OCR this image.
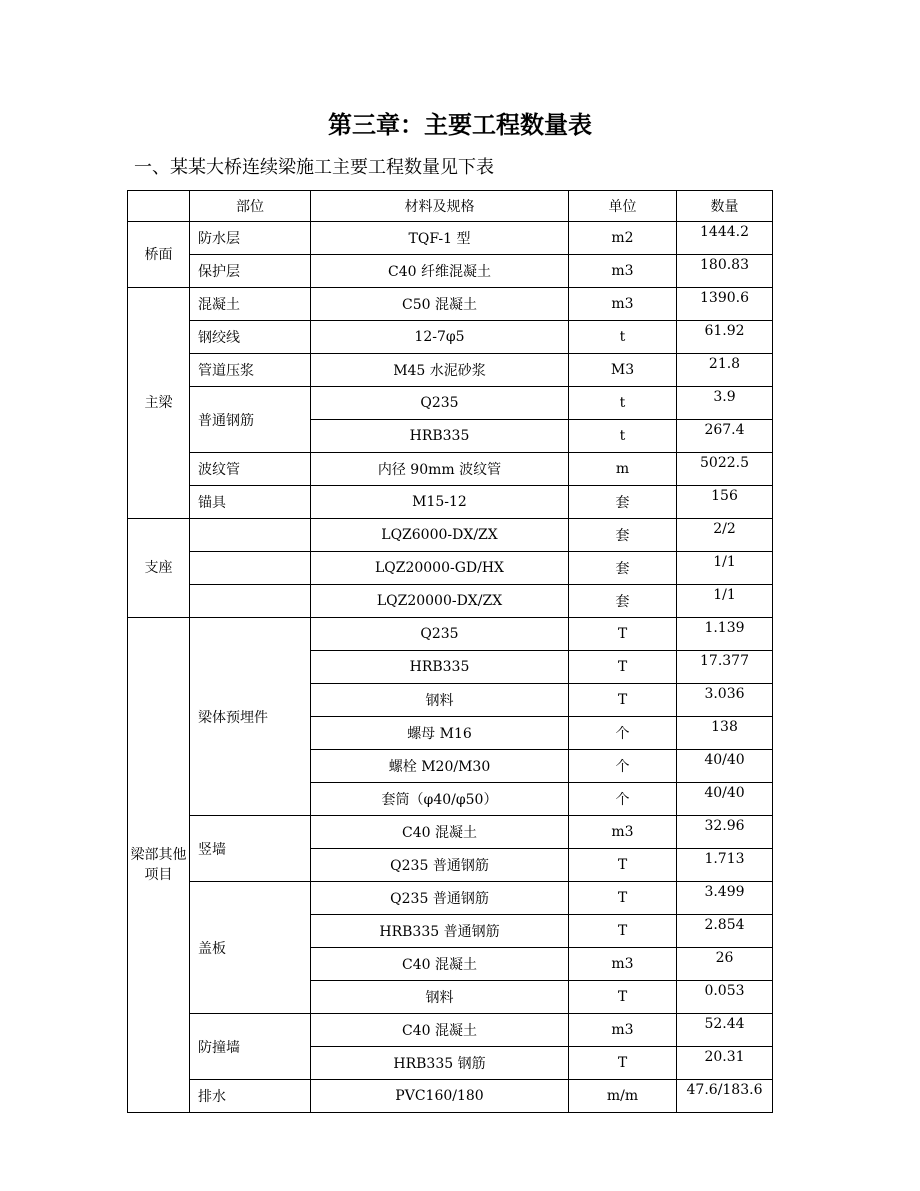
第三章：主要工程数量表

一、某某大桥连续梁施工主要工程数量见下表

	部位	材料及规格	单位	数量
桥面	防水层	TQF-1 型	m2	1444.2
	保护层	C40 纤维混凝土	m3	180.83
主梁	混凝土	C50 混凝土	m3	1390.6
	钢绞线	12-7φ5	t	61.92
	管道压浆	M45 水泥砂浆	M3	21.8
	普通钢筋	Q235	t	3.9
		HRB335	t	267.4
	波纹管	内径 90mm 波纹管	m	5022.5
	锚具	M15-12	套	156
支座		LQZ6000-DX/ZX	套	2/2
		LQZ20000-GD/HX	套	1/1
		LQZ20000-DX/ZX	套	1/1
梁部其他项目	梁体预埋件	Q235	T	1.139
		HRB335	T	17.377
		钢料	T	3.036
		螺母 M16	个	138
		螺栓 M20/M30	个	40/40
		套筒（φ40/φ50）	个	40/40
	竖墙	C40 混凝土	m3	32.96
		Q235 普通钢筋	T	1.713
	盖板	Q235 普通钢筋	T	3.499
		HRB335 普通钢筋	T	2.854
		C40 混凝土	m3	26
		钢料	T	0.053
	防撞墙	C40 混凝土	m3	52.44
		HRB335 钢筋	T	20.31
	排水	PVC160/180	m/m	47.6/183.6
